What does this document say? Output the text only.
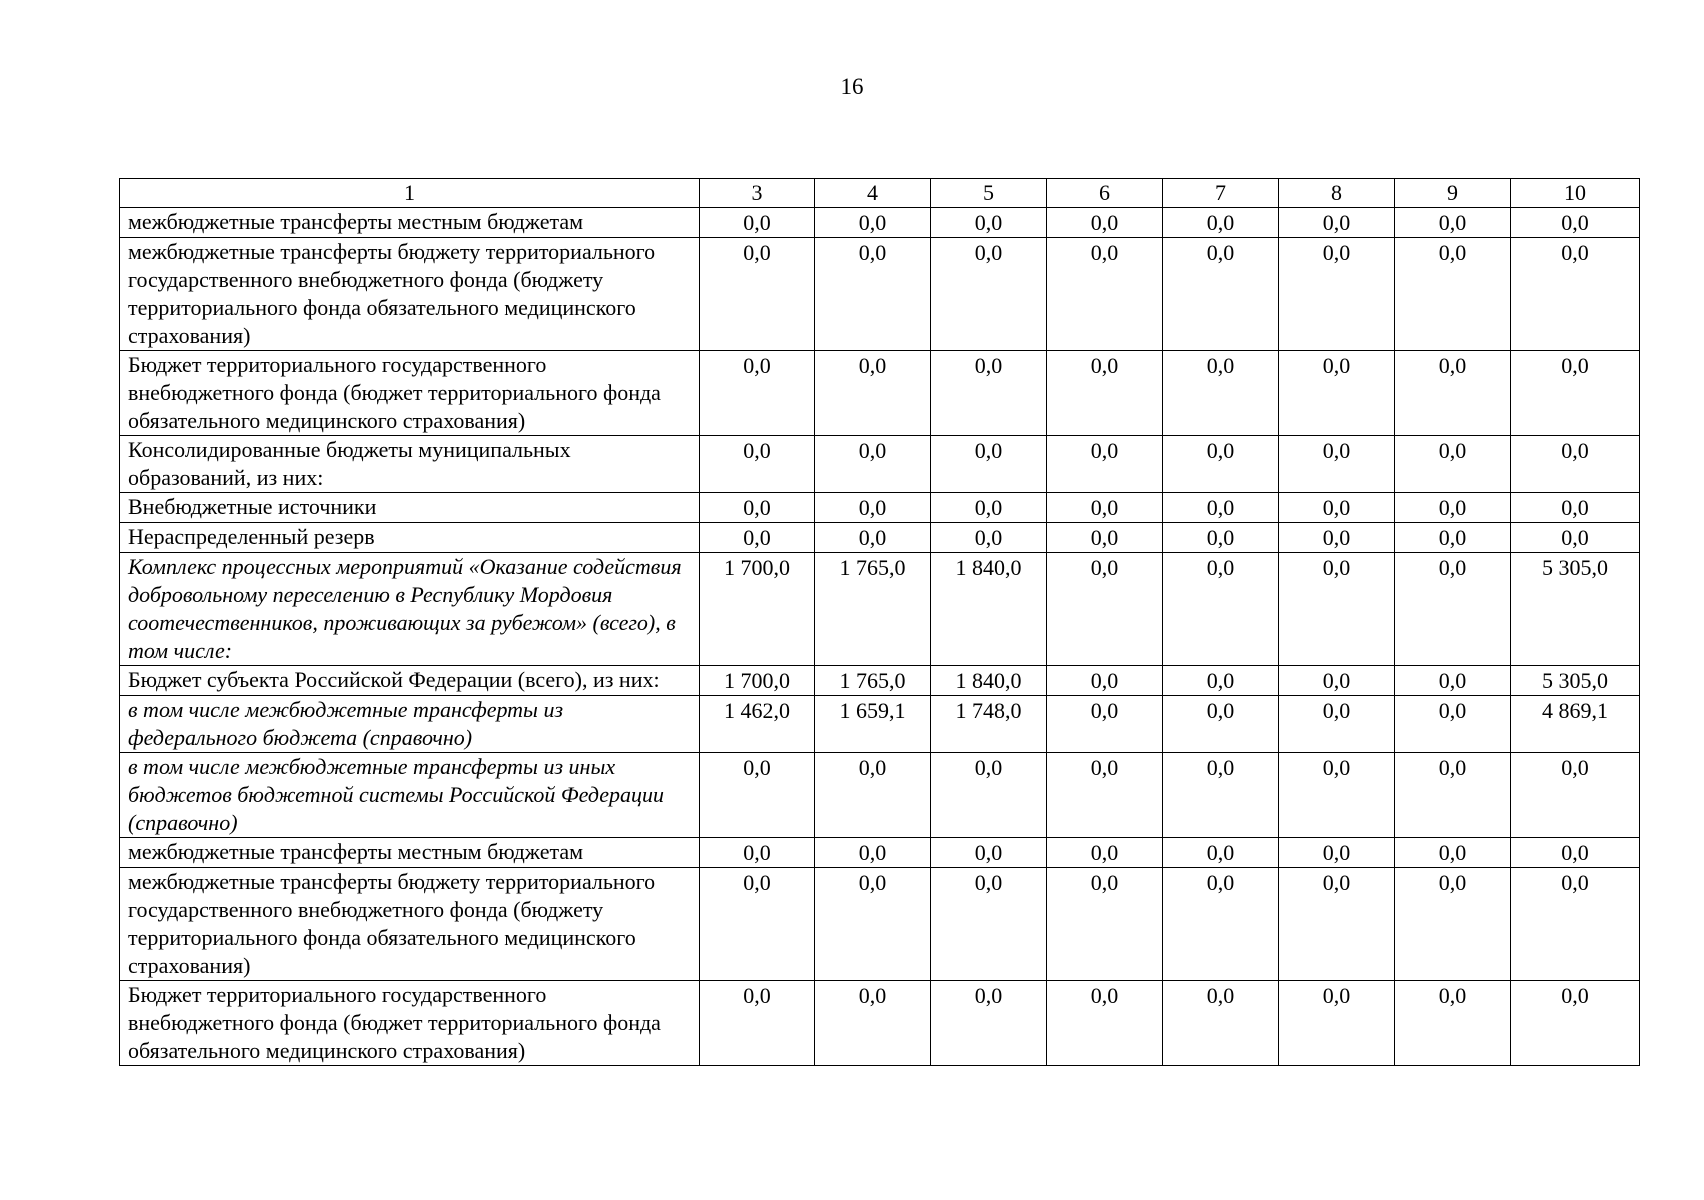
16
1	3	4	5	6	7	8	9	10
межбюджетные трансферты местным бюджетам	0,0	0,0	0,0	0,0	0,0	0,0	0,0	0,0
межбюджетные трансферты бюджету территориального государственного внебюджетного фонда (бюджету территориального фонда обязательного медицинского страхования)	0,0	0,0	0,0	0,0	0,0	0,0	0,0	0,0
Бюджет территориального государственного внебюджетного фонда (бюджет территориального фонда обязательного медицинского страхования)	0,0	0,0	0,0	0,0	0,0	0,0	0,0	0,0
Консолидированные бюджеты муниципальных образований, из них:	0,0	0,0	0,0	0,0	0,0	0,0	0,0	0,0
Внебюджетные источники	0,0	0,0	0,0	0,0	0,0	0,0	0,0	0,0
Нераспределенный резерв	0,0	0,0	0,0	0,0	0,0	0,0	0,0	0,0
Комплекс процессных мероприятий «Оказание содействия добровольному переселению в Республику Мордовия соотечественников, проживающих за рубежом» (всего), в том числе:	1 700,0	1 765,0	1 840,0	0,0	0,0	0,0	0,0	5 305,0
Бюджет субъекта Российской Федерации (всего), из них:	1 700,0	1 765,0	1 840,0	0,0	0,0	0,0	0,0	5 305,0
в том числе межбюджетные трансферты из федерального бюджета (справочно)	1 462,0	1 659,1	1 748,0	0,0	0,0	0,0	0,0	4 869,1
в том числе межбюджетные трансферты из иных бюджетов бюджетной системы Российской Федерации (справочно)	0,0	0,0	0,0	0,0	0,0	0,0	0,0	0,0
межбюджетные трансферты местным бюджетам	0,0	0,0	0,0	0,0	0,0	0,0	0,0	0,0
межбюджетные трансферты бюджету территориального государственного внебюджетного фонда (бюджету территориального фонда обязательного медицинского страхования)	0,0	0,0	0,0	0,0	0,0	0,0	0,0	0,0
Бюджет территориального государственного внебюджетного фонда (бюджет территориального фонда обязательного медицинского страхования)	0,0	0,0	0,0	0,0	0,0	0,0	0,0	0,0
